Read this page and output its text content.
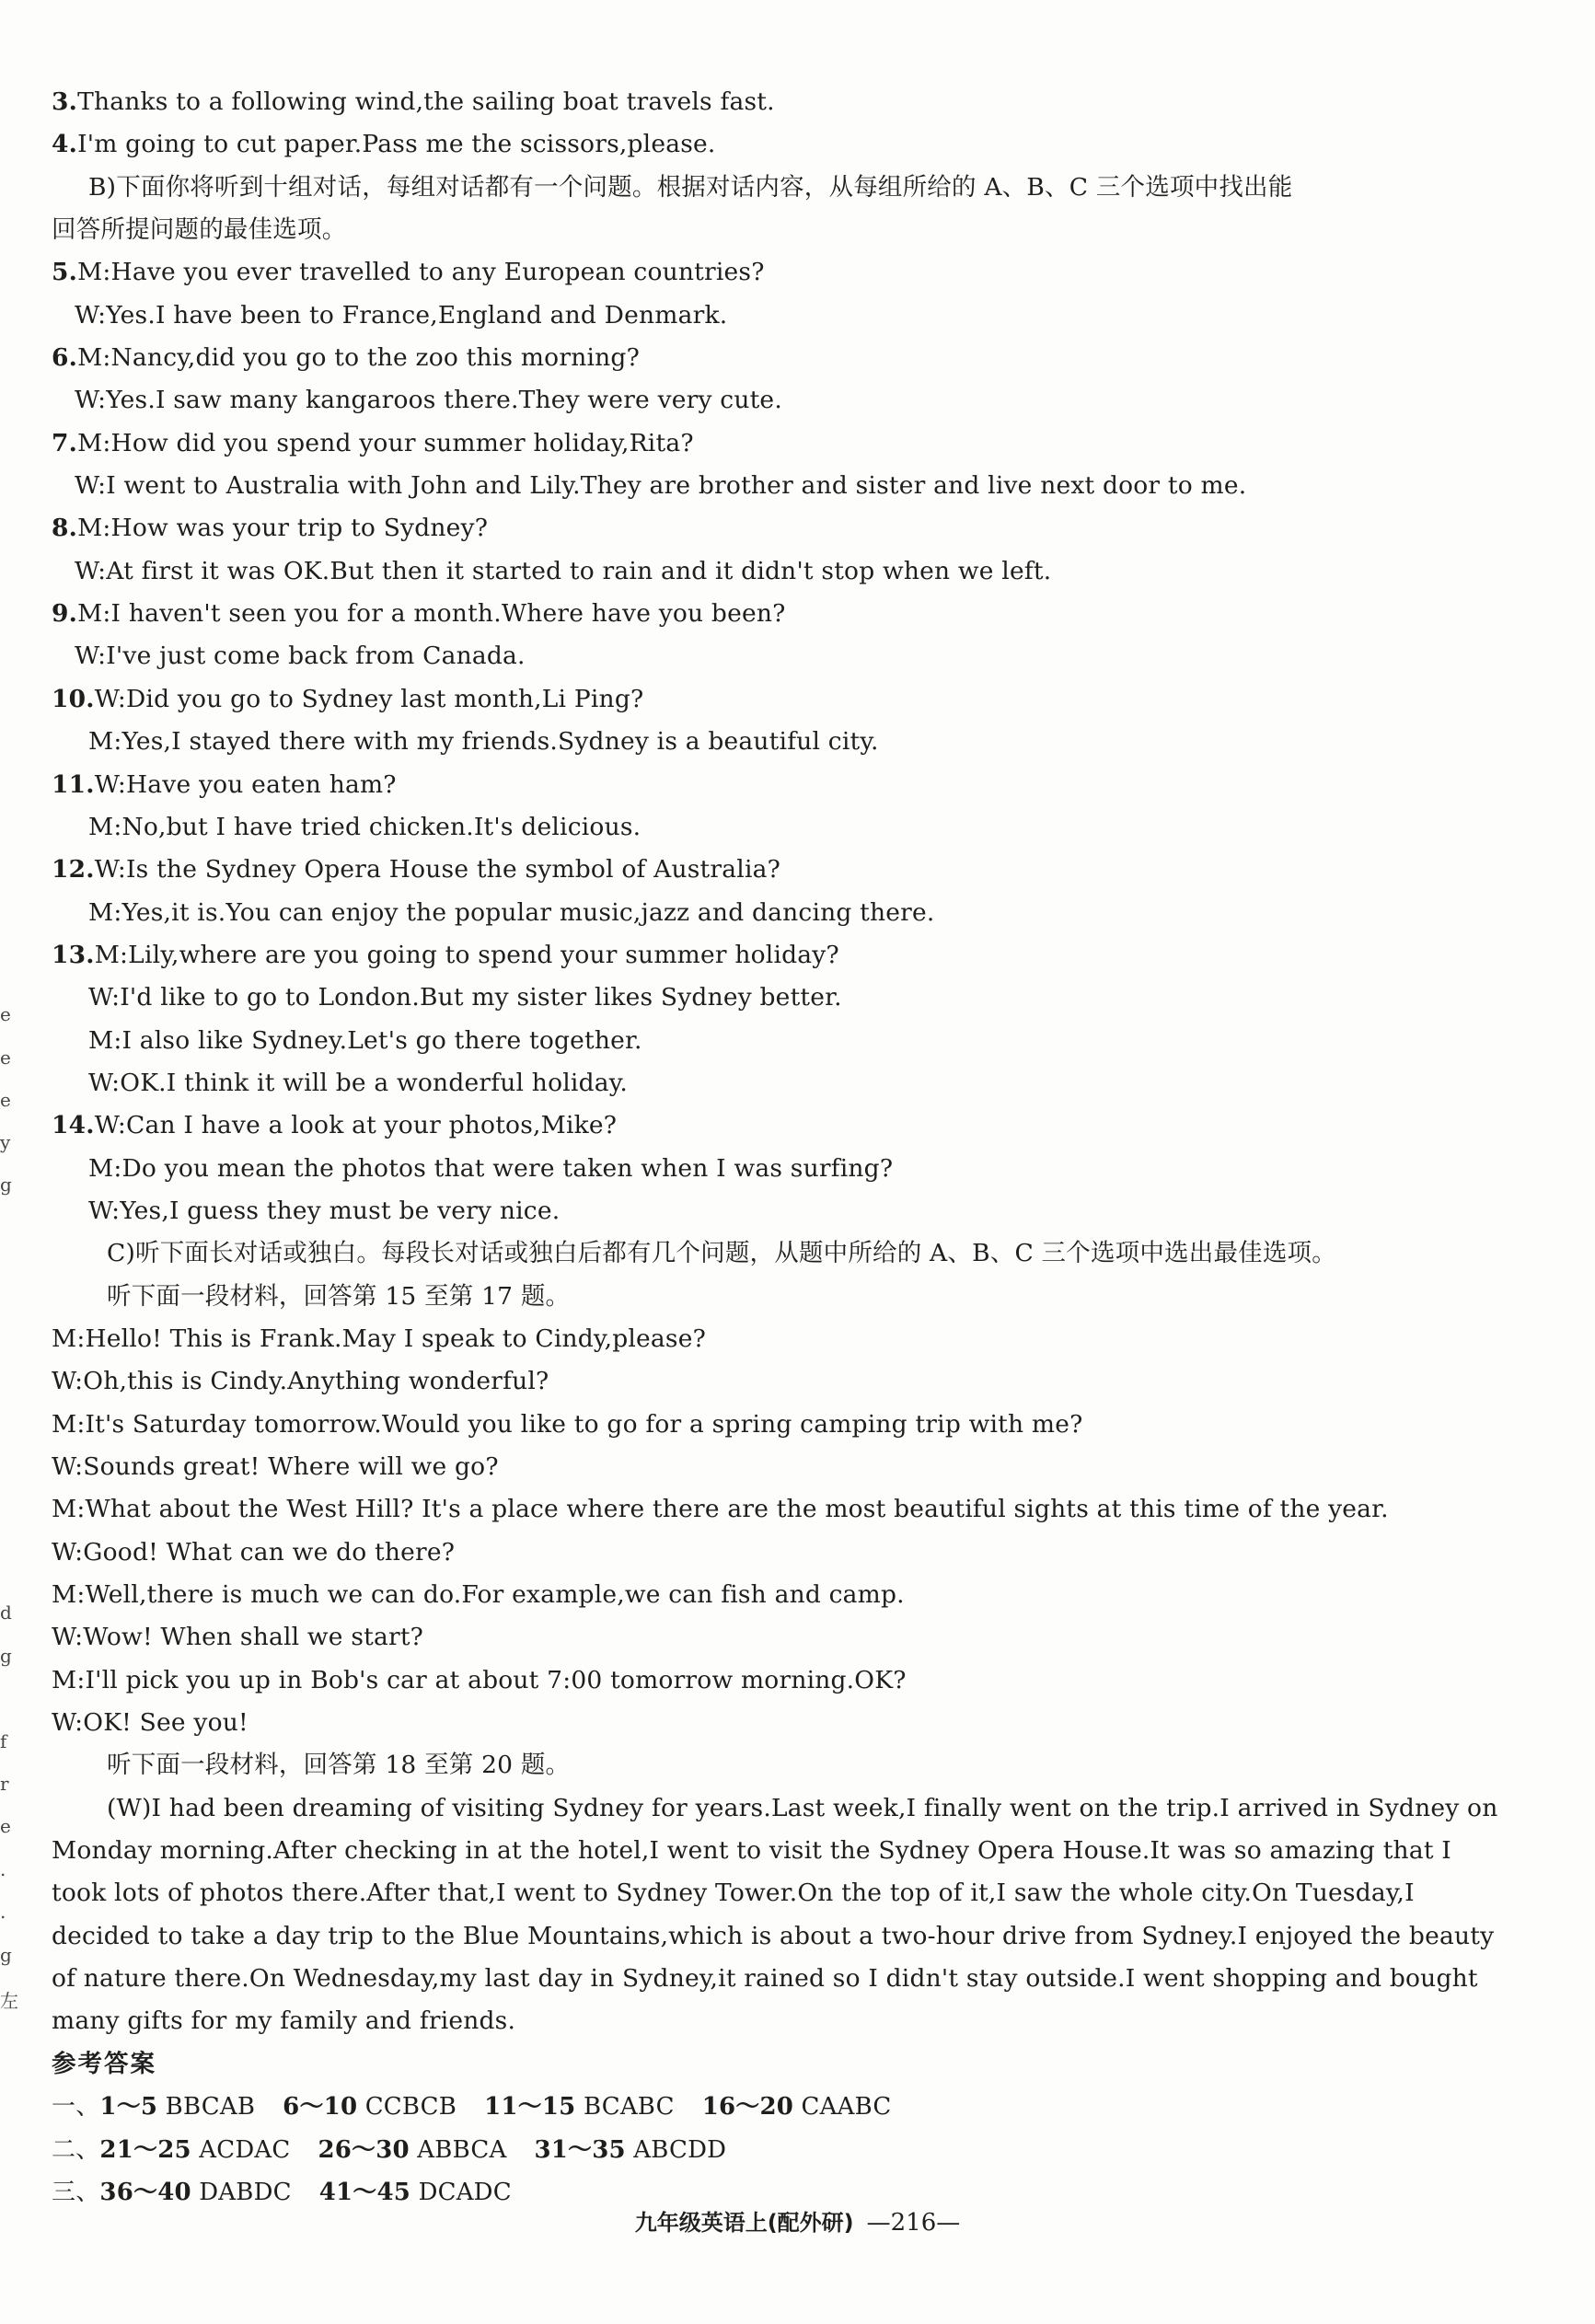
e
e
e
y
g
d
g
f
r
e
.
.
g
左
3.Thanks to a following wind,the sailing boat travels fast.
4.I'm going to cut paper.Pass me the scissors,please.
B)下面你将听到十组对话，每组对话都有一个问题。根据对话内容，从每组所给的 A、B、C 三个选项中找出能
回答所提问题的最佳选项。
5.M:Have you ever travelled to any European countries?
W:Yes.I have been to France,England and Denmark.
6.M:Nancy,did you go to the zoo this morning?
W:Yes.I saw many kangaroos there.They were very cute.
7.M:How did you spend your summer holiday,Rita?
W:I went to Australia with John and Lily.They are brother and sister and live next door to me.
8.M:How was your trip to Sydney?
W:At first it was OK.But then it started to rain and it didn't stop when we left.
9.M:I haven't seen you for a month.Where have you been?
W:I've just come back from Canada.
10.W:Did you go to Sydney last month,Li Ping?
M:Yes,I stayed there with my friends.Sydney is a beautiful city.
11.W:Have you eaten ham?
M:No,but I have tried chicken.It's delicious.
12.W:Is the Sydney Opera House the symbol of Australia?
M:Yes,it is.You can enjoy the popular music,jazz and dancing there.
13.M:Lily,where are you going to spend your summer holiday?
W:I'd like to go to London.But my sister likes Sydney better.
M:I also like Sydney.Let's go there together.
W:OK.I think it will be a wonderful holiday.
14.W:Can I have a look at your photos,Mike?
M:Do you mean the photos that were taken when I was surfing?
W:Yes,I guess they must be very nice.
C)听下面长对话或独白。每段长对话或独白后都有几个问题，从题中所给的 A、B、C 三个选项中选出最佳选项。
听下面一段材料，回答第 15 至第 17 题。
M:Hello! This is Frank.May I speak to Cindy,please?
W:Oh,this is Cindy.Anything wonderful?
M:It's Saturday tomorrow.Would you like to go for a spring camping trip with me?
W:Sounds great! Where will we go?
M:What about the West Hill? It's a place where there are the most beautiful sights at this time of the year.
W:Good! What can we do there?
M:Well,there is much we can do.For example,we can fish and camp.
W:Wow! When shall we start?
M:I'll pick you up in Bob's car at about 7:00 tomorrow morning.OK?
W:OK! See you!
听下面一段材料，回答第 18 至第 20 题。
(W)I had been dreaming of visiting Sydney for years.Last week,I finally went on the trip.I arrived in Sydney on
Monday morning.After checking in at the hotel,I went to visit the Sydney Opera House.It was so amazing that I
took lots of photos there.After that,I went to Sydney Tower.On the top of it,I saw the whole city.On Tuesday,I
decided to take a day trip to the Blue Mountains,which is about a two-hour drive from Sydney.I enjoyed the beauty
of nature there.On Wednesday,my last day in Sydney,it rained so I didn't stay outside.I went shopping and bought
many gifts for my family and friends.
参考答案
一、1～5 BBCAB 6～10 CCBCB 11～15 BCABC 16～20 CAABC
二、21～25 ACDAC 26～30 ABBCA 31～35 ABCDD
三、36～40 DABDC 41～45 DCADC
九年级英语上(配外研) —216—
